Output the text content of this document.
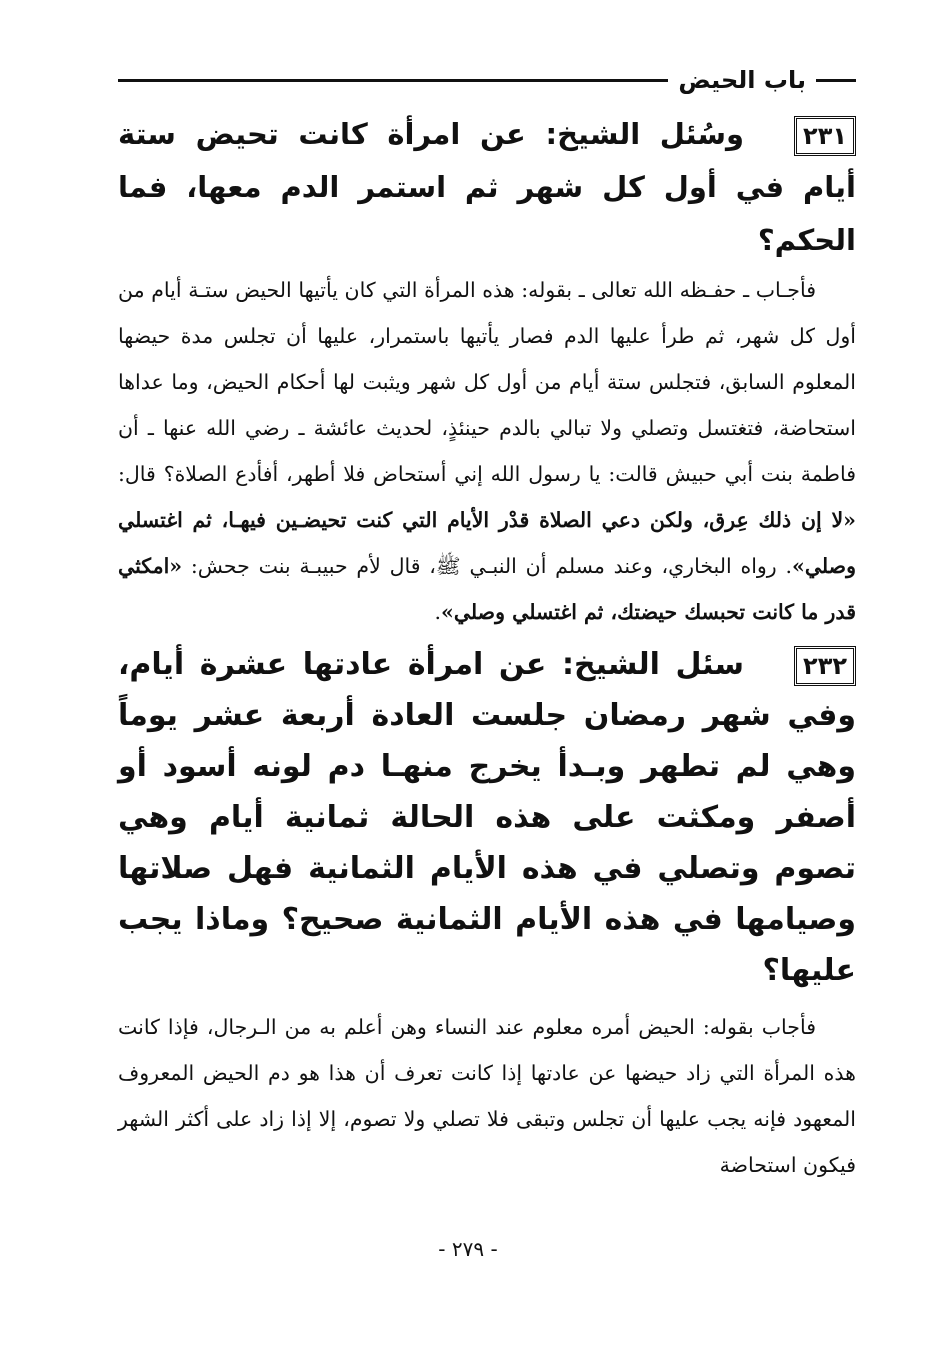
باب الحيض

٢٣١وسُئل الشيخ: عن امرأة كانت تحيض ستة أيام في أول كل شهر ثم استمر الدم معها، فما الحكم؟

فأجـاب ـ حفـظه الله تعالى ـ بقوله: هذه المرأة التي كان يأتيها الحيض ستـة أيام من أول كل شهر، ثم طرأ عليها الدم فصار يأتيها باستمرار، عليها أن تجلس مدة حيضها المعلوم السابق، فتجلس ستة أيام من أول كل شهر ويثبت لها أحكام الحيض، وما عداها استحاضة، فتغتسل وتصلي ولا تبالي بالدم حينئذٍ، لحديث عائشة ـ رضي الله عنها ـ أن فاطمة بنت أبي حبيش قالت: يا رسول الله إني أستحاض فلا أطهر، أفأدع الصلاة؟ قال: «لا إن ذلك عِرق، ولكن دعي الصلاة قدْر الأيام التي كنت تحيضـين فيهـا، ثم اغتسلي وصلي». رواه البخاري، وعند مسلم أن النبـي ﷺ، قال لأم حبيبـة بنت جحش: «امكثي قدر ما كانت تحبسك حيضتك، ثم اغتسلي وصلي».

٢٣٢سئل الشيخ: عن امرأة عادتها عشرة أيام، وفي شهر رمضان جلست العادة أربعة عشر يوماً وهي لم تطهر وبـدأ يخرج منهـا دم لونه أسود أو أصفر ومكثت على هذه الحالة ثمانية أيام وهي تصوم وتصلي في هذه الأيام الثمانية فهل صلاتها وصيامها في هذه الأيام الثمانية صحيح؟ وماذا يجب عليها؟

فأجاب بقوله: الحيض أمره معلوم عند النساء وهن أعلم به من الـرجال، فإذا كانت هذه المرأة التي زاد حيضها عن عادتها إذا كانت تعرف أن هذا هو دم الحيض المعروف المعهود فإنه يجب عليها أن تجلس وتبقى فلا تصلي ولا تصوم، إلا إذا زاد على أكثر الشهر فيكون استحاضة

- ٢٧٩ -
